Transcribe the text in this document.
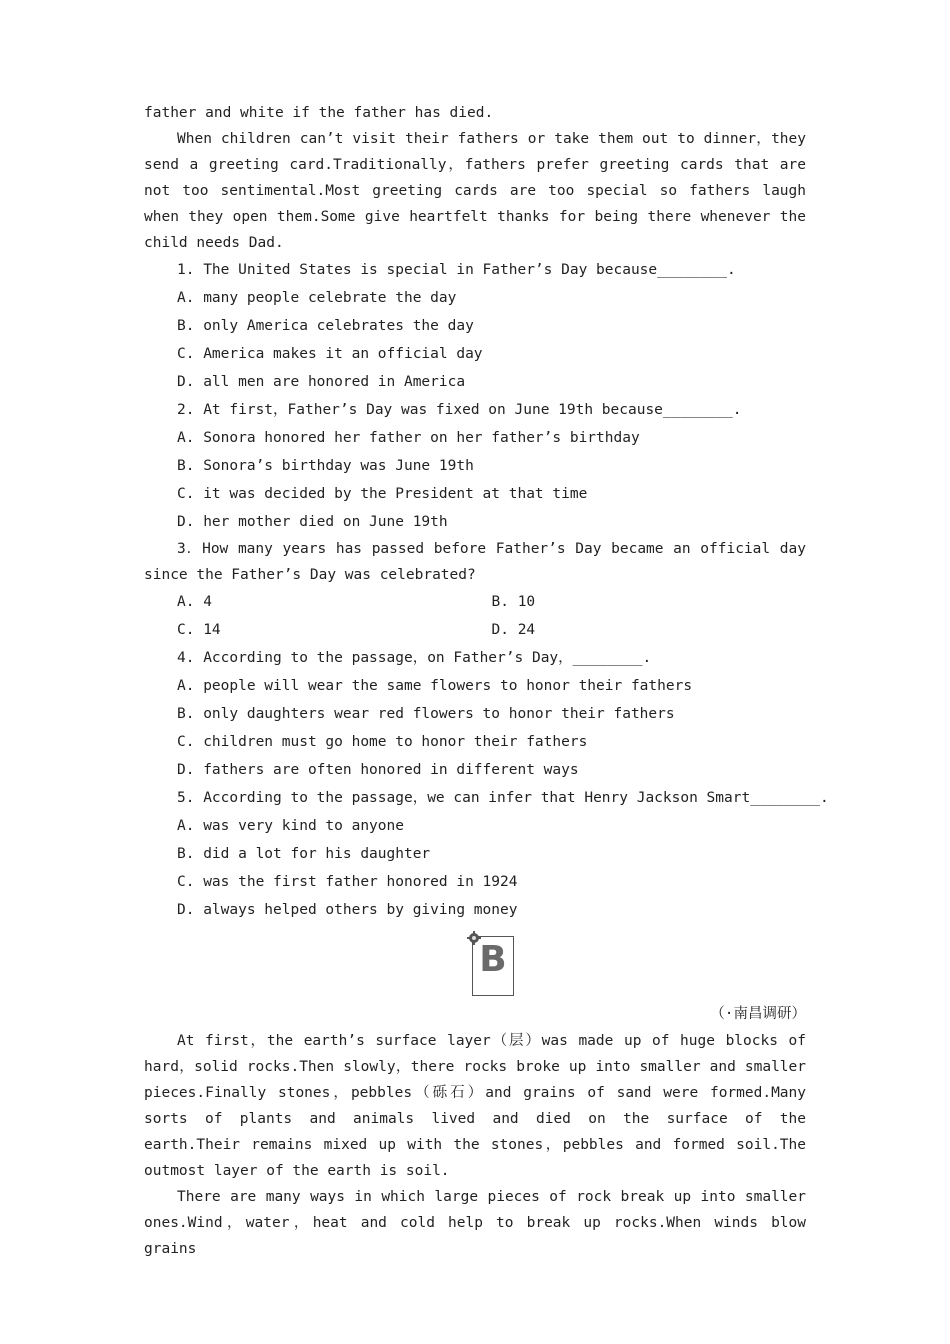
father and white if the father has died.

When children can’t visit their fathers or take them out to dinner，they send a greeting card.Traditionally，fathers prefer greeting cards that are not too sentimental.Most greeting cards are too special so fathers laugh when they open them.Some give heartfelt thanks for being there whenever the child needs Dad.

1. The United States is special in Father’s Day because________.
A. many people celebrate the day
B. only America celebrates the day
C. America makes it an official day
D. all men are honored in America
2. At first，Father’s Day was fixed on June 19th because________.
A. Sonora honored her father on her father’s birthday
B. Sonora’s birthday was June 19th
C. it was decided by the President at that time
D. her mother died on June 19th

3．How many years has passed before Father’s Day became an official day since the Father’s Day was celebrated?

A. 4	B. 10
C. 14	D. 24
4. According to the passage，on Father’s Day，________.
A. people will wear the same flowers to honor their fathers
B. only daughters wear red flowers to honor their fathers
C. children must go home to honor their fathers
D. fathers are often honored in different ways
5. According to the passage，we can infer that Henry Jackson Smart________.
A. was very kind to anyone
B. did a lot for his daughter
C. was the first father honored in 1924
D. always helped others by giving money
B
（·南昌调研）

At first，the earth’s surface layer（层）was made up of huge blocks of hard，solid rocks.Then slowly，there rocks broke up into smaller and smaller pieces.Finally stones，pebbles（砾石）and grains of sand were formed.Many sorts of plants and animals lived and died on the surface of the earth.Their remains mixed up with the stones，pebbles and formed soil.The outmost layer of the earth is soil.

There are many ways in which large pieces of rock break up into smaller ones.Wind，water，heat and cold help to break up rocks.When winds blow grains
